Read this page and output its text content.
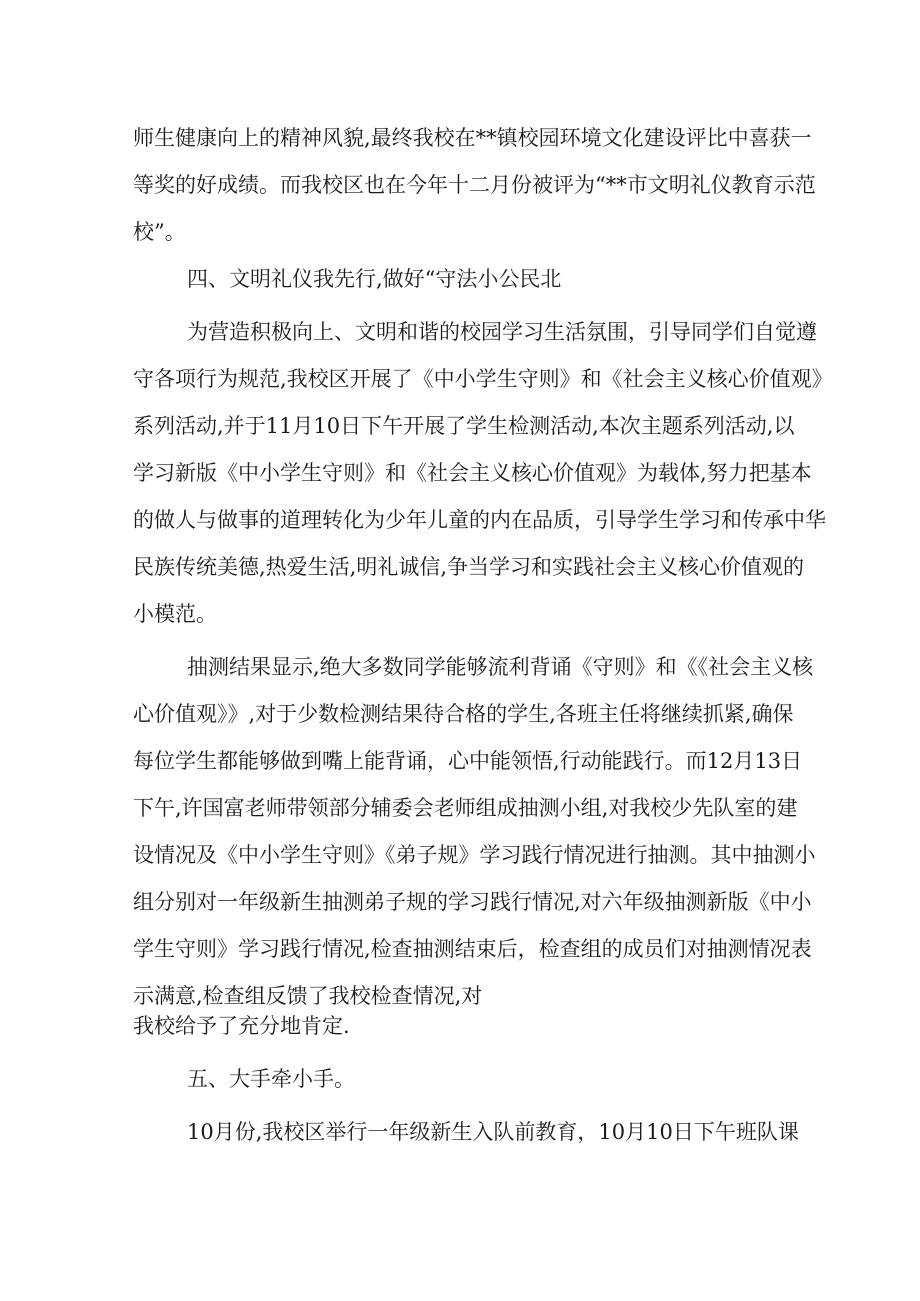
师生健康向上的精神风貌,最终我校在**镇校园环境文化建设评比中喜获一
等奖的好成绩。而我校区也在今年十二月份被评为“**市文明礼仪教育示范
校”。
四、文明礼仪我先行,做好“守法小公民北
为营造积极向上、文明和谐的校园学习生活氛围，引导同学们自觉遵
守各项行为规范,我校区开展了《中小学生守则》和《社会主义核心价值观》
系列活动,并于11月10日下午开展了学生检测活动,本次主题系列活动,以
学习新版《中小学生守则》和《社会主义核心价值观》为载体,努力把基本
的做人与做事的道理转化为少年儿童的内在品质，引导学生学习和传承中华
民族传统美德,热爱生活,明礼诚信,争当学习和实践社会主义核心价值观的
小模范。
抽测结果显示,绝大多数同学能够流利背诵《守则》和《《社会主义核
心价值观》》,对于少数检测结果待合格的学生,各班主任将继续抓紧,确保
每位学生都能够做到嘴上能背诵，心中能领悟,行动能践行。而12月13日
下午,许国富老师带领部分辅委会老师组成抽测小组,对我校少先队室的建
设情况及《中小学生守则》《弟子规》学习践行情况进行抽测。其中抽测小
组分别对一年级新生抽测弟子规的学习践行情况,对六年级抽测新版《中小
学生守则》学习践行情况,检查抽测结束后，检查组的成员们对抽测情况表
示满意,检查组反馈了我校检查情况,对
我校给予了充分地肯定.
五、大手牵小手。
10月份,我校区举行一年级新生入队前教育，10月10日下午班队课
